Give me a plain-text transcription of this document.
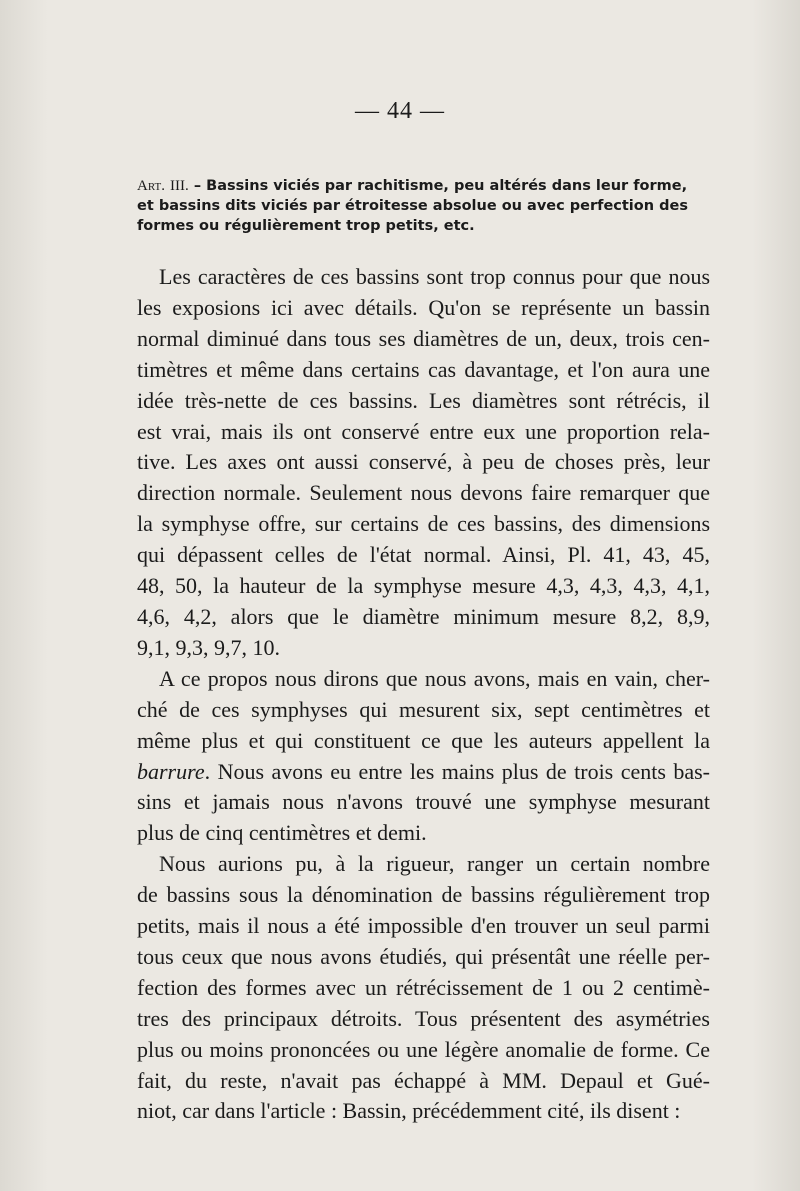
— 44 —
Art. III. – Bassins viciés par rachitisme, peu altérés dans leur forme,
et bassins dits viciés par étroitesse absolue ou avec perfection des
formes ou régulièrement trop petits, etc.
Les caractères de ces bassins sont trop connus pour que nous
les exposions ici avec détails. Qu'on se représente un bassin
normal diminué dans tous ses diamètres de un, deux, trois cen-
timètres et même dans certains cas davantage, et l'on aura une
idée très-nette de ces bassins. Les diamètres sont rétrécis, il
est vrai, mais ils ont conservé entre eux une proportion rela-
tive. Les axes ont aussi conservé, à peu de choses près, leur
direction normale. Seulement nous devons faire remarquer que
la symphyse offre, sur certains de ces bassins, des dimensions
qui dépassent celles de l'état normal. Ainsi, Pl. 41, 43, 45,
48, 50, la hauteur de la symphyse mesure 4,3, 4,3, 4,3, 4,1,
4,6, 4,2, alors que le diamètre minimum mesure 8,2, 8,9,
9,1, 9,3, 9,7, 10.
A ce propos nous dirons que nous avons, mais en vain, cher-
ché de ces symphyses qui mesurent six, sept centimètres et
même plus et qui constituent ce que les auteurs appellent la
barrure. Nous avons eu entre les mains plus de trois cents bas-
sins et jamais nous n'avons trouvé une symphyse mesurant
plus de cinq centimètres et demi.
Nous aurions pu, à la rigueur, ranger un certain nombre
de bassins sous la dénomination de bassins régulièrement trop
petits, mais il nous a été impossible d'en trouver un seul parmi
tous ceux que nous avons étudiés, qui présentât une réelle per-
fection des formes avec un rétrécissement de 1 ou 2 centimè-
tres des principaux détroits. Tous présentent des asymétries
plus ou moins prononcées ou une légère anomalie de forme. Ce
fait, du reste, n'avait pas échappé à MM. Depaul et Gué-
niot, car dans l'article : Bassin, précédemment cité, ils disent :
